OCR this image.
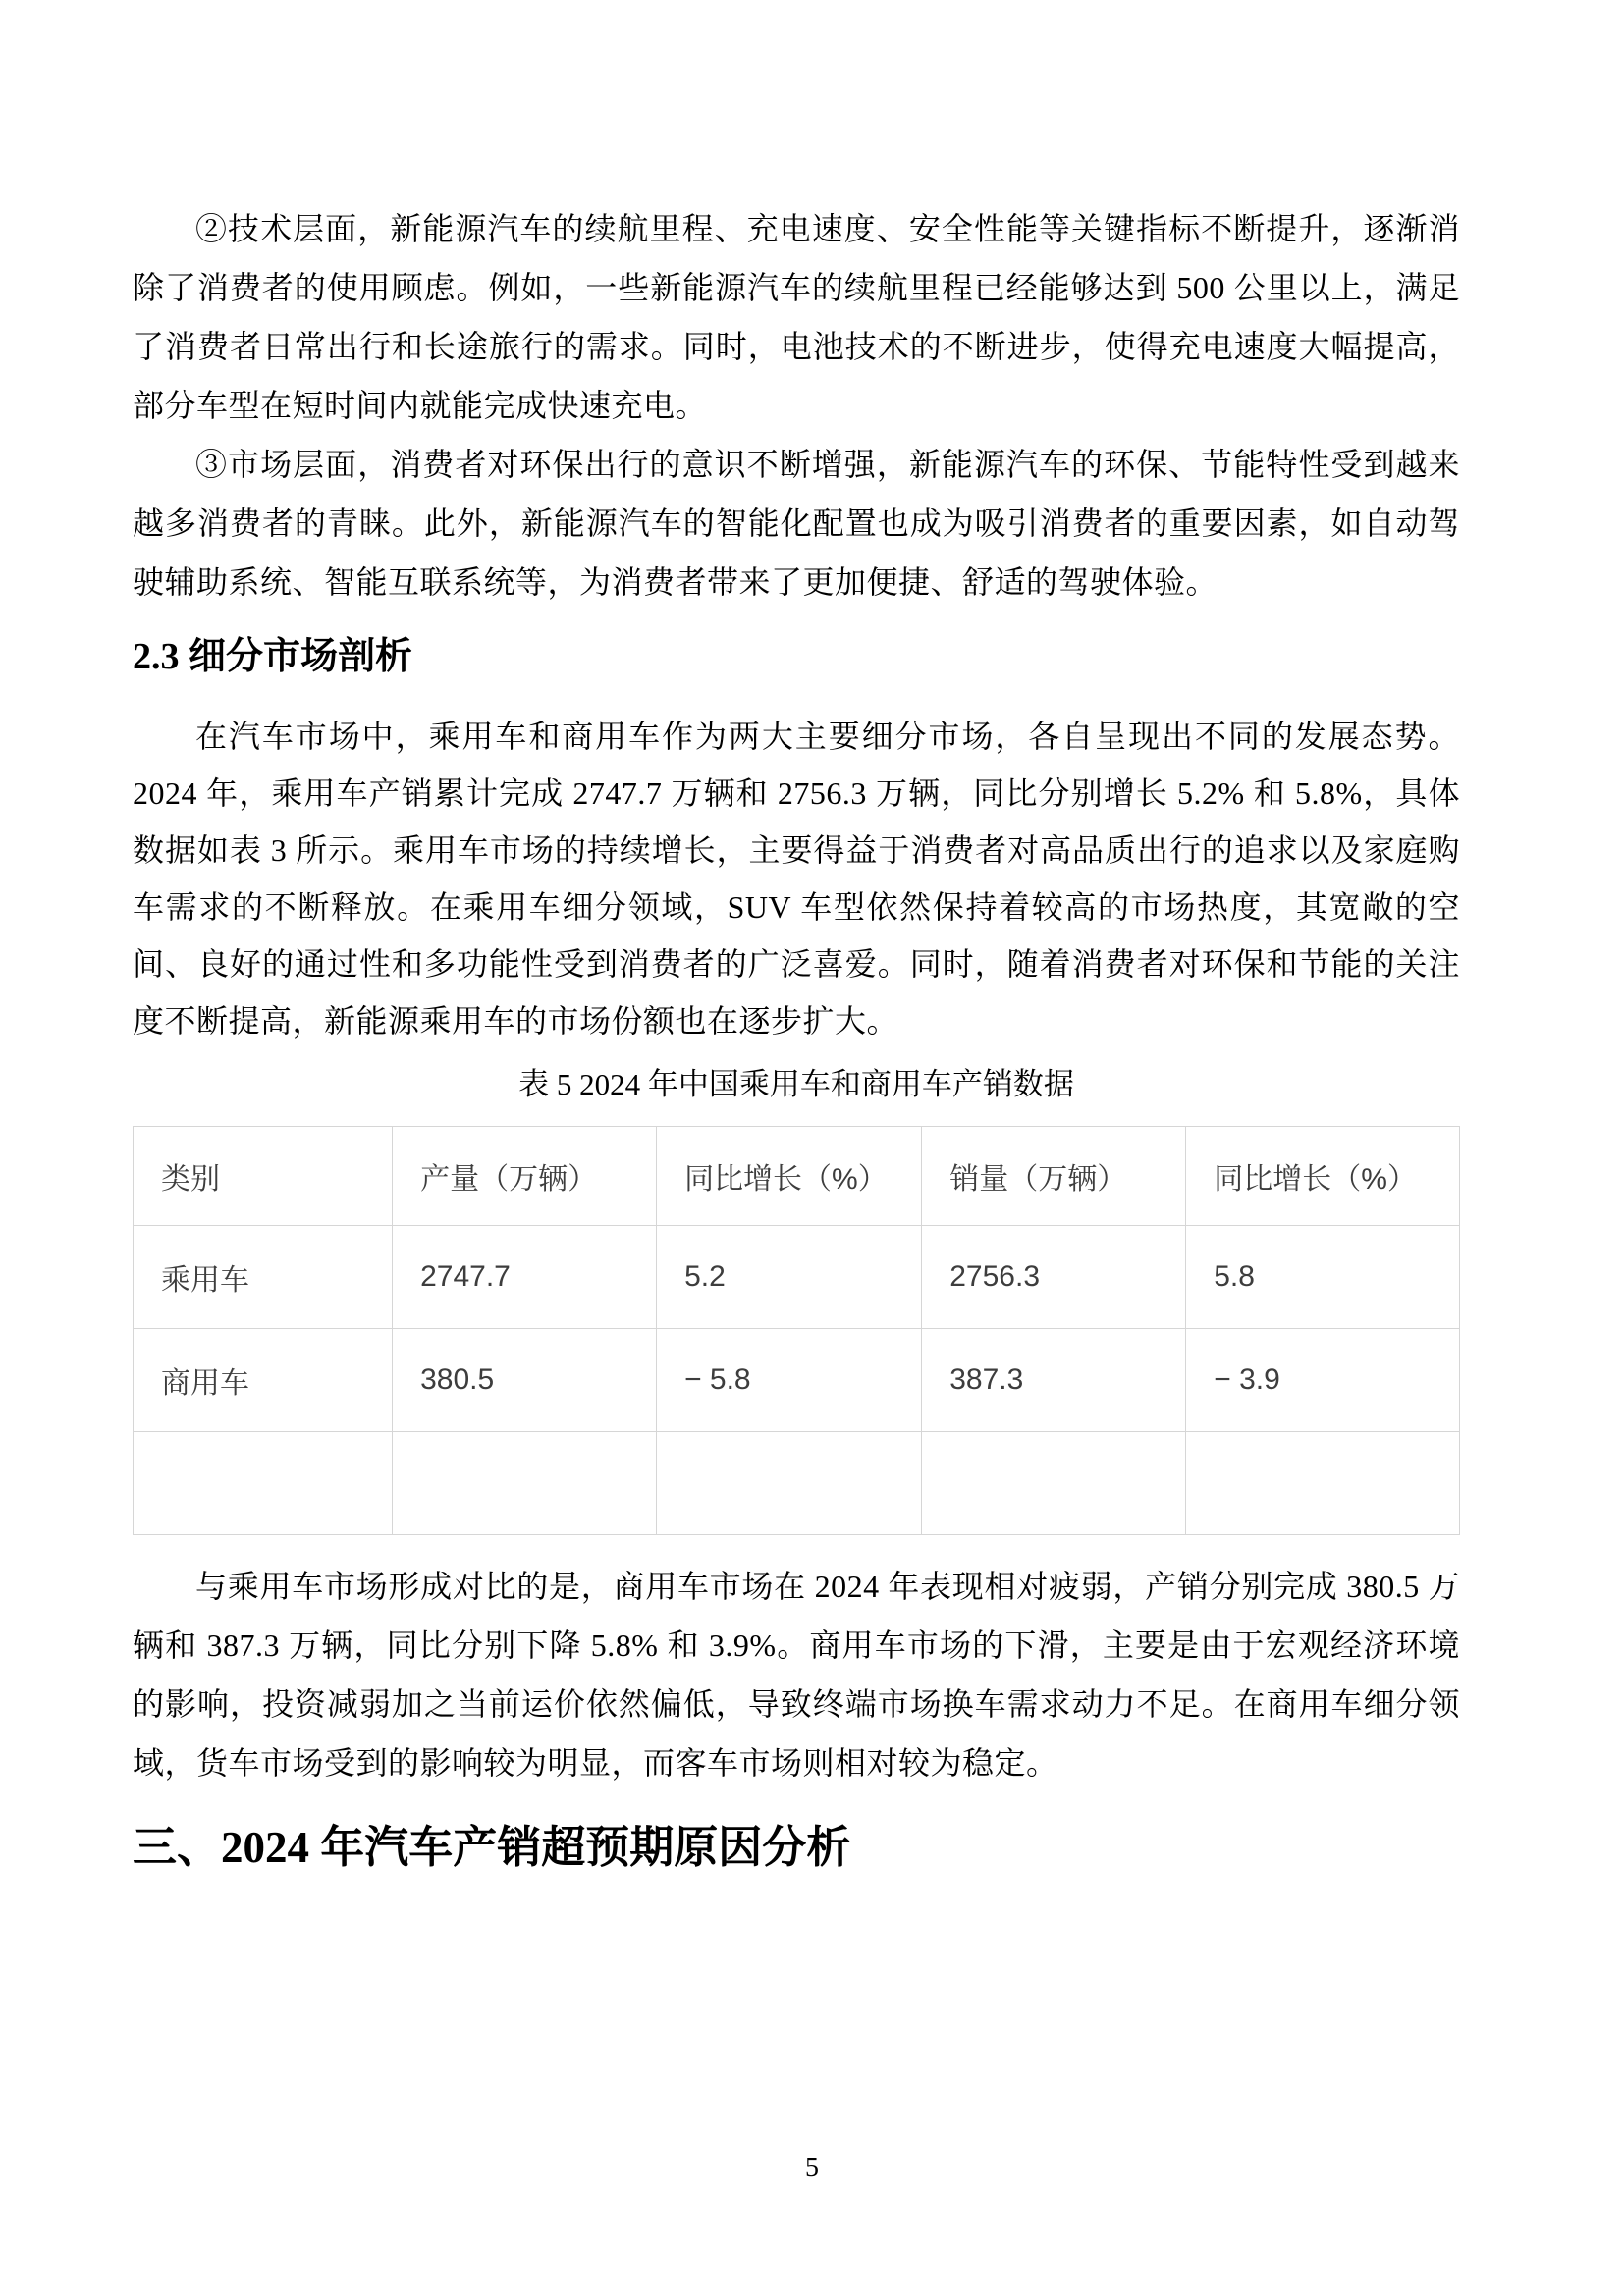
②技术层面，新能源汽车的续航里程、充电速度、安全性能等关键指标不断提升，逐渐消除了消费者的使用顾虑。例如，一些新能源汽车的续航里程已经能够达到 500 公里以上，满足了消费者日常出行和长途旅行的需求。同时，电池技术的不断进步，使得充电速度大幅提高，部分车型在短时间内就能完成快速充电。

③市场层面，消费者对环保出行的意识不断增强，新能源汽车的环保、节能特性受到越来越多消费者的青睐。此外，新能源汽车的智能化配置也成为吸引消费者的重要因素，如自动驾驶辅助系统、智能互联系统等，为消费者带来了更加便捷、舒适的驾驶体验。

2.3 细分市场剖析

在汽车市场中，乘用车和商用车作为两大主要细分市场，各自呈现出不同的发展态势。2024 年，乘用车产销累计完成 2747.7 万辆和 2756.3 万辆，同比分别增长 5.2% 和 5.8%，具体数据如表 3 所示。乘用车市场的持续增长，主要得益于消费者对高品质出行的追求以及家庭购车需求的不断释放。在乘用车细分领域，SUV 车型依然保持着较高的市场热度，其宽敞的空间、良好的通过性和多功能性受到消费者的广泛喜爱。同时，随着消费者对环保和节能的关注度不断提高，新能源乘用车的市场份额也在逐步扩大。

表 5 2024 年中国乘用车和商用车产销数据
类别	产量（万辆）	同比增长（%）	销量（万辆）	同比增长（%）
乘用车	2747.7	5.2	2756.3	5.8
商用车	380.5	− 5.8	387.3	− 3.9

与乘用车市场形成对比的是，商用车市场在 2024 年表现相对疲弱，产销分别完成 380.5 万辆和 387.3 万辆，同比分别下降 5.8% 和 3.9%。商用车市场的下滑，主要是由于宏观经济环境的影响，投资减弱加之当前运价依然偏低，导致终端市场换车需求动力不足。在商用车细分领域，货车市场受到的影响较为明显，而客车市场则相对较为稳定。

三、2024 年汽车产销超预期原因分析
5
